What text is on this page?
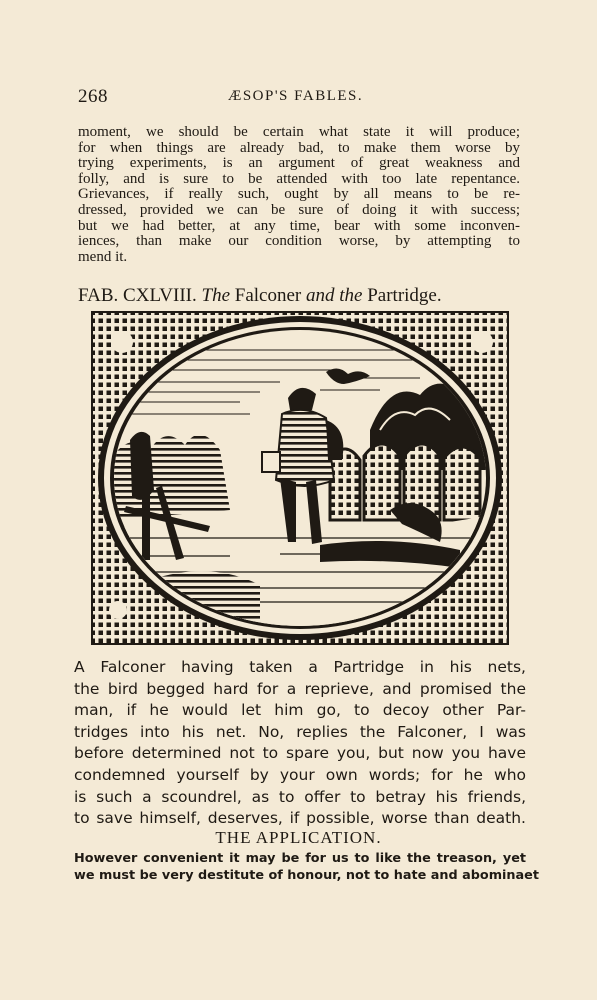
268	ÆSOP'S FABLES.
moment, we should be certain what state it will produce;
for when things are already bad, to make them worse by
trying experiments, is an argument of great weakness and
folly, and is sure to be attended with too late repentance.
Grievances, if really such, ought by all means to be re-
dressed, provided we can be sure of doing it with success;
but we had better, at any time, bear with some inconven-
iences, than make our condition worse, by attempting to
mend it.
FAB. CXLVIII. The Falconer and the Partridge.
A Falconer having taken a Partridge in his nets,
the bird begged hard for a reprieve, and promised the
man, if he would let him go, to decoy other Par-
tridges into his net. No, replies the Falconer, I was
before determined not to spare you, but now you have
condemned yourself by your own words; for he who
is such a scoundrel, as to offer to betray his friends,
to save himself, deserves, if possible, worse than death.
THE APPLICATION.
However convenient it may be for us to like the treason, yet
we must be very destitute of honour, not to hate and abominaet
